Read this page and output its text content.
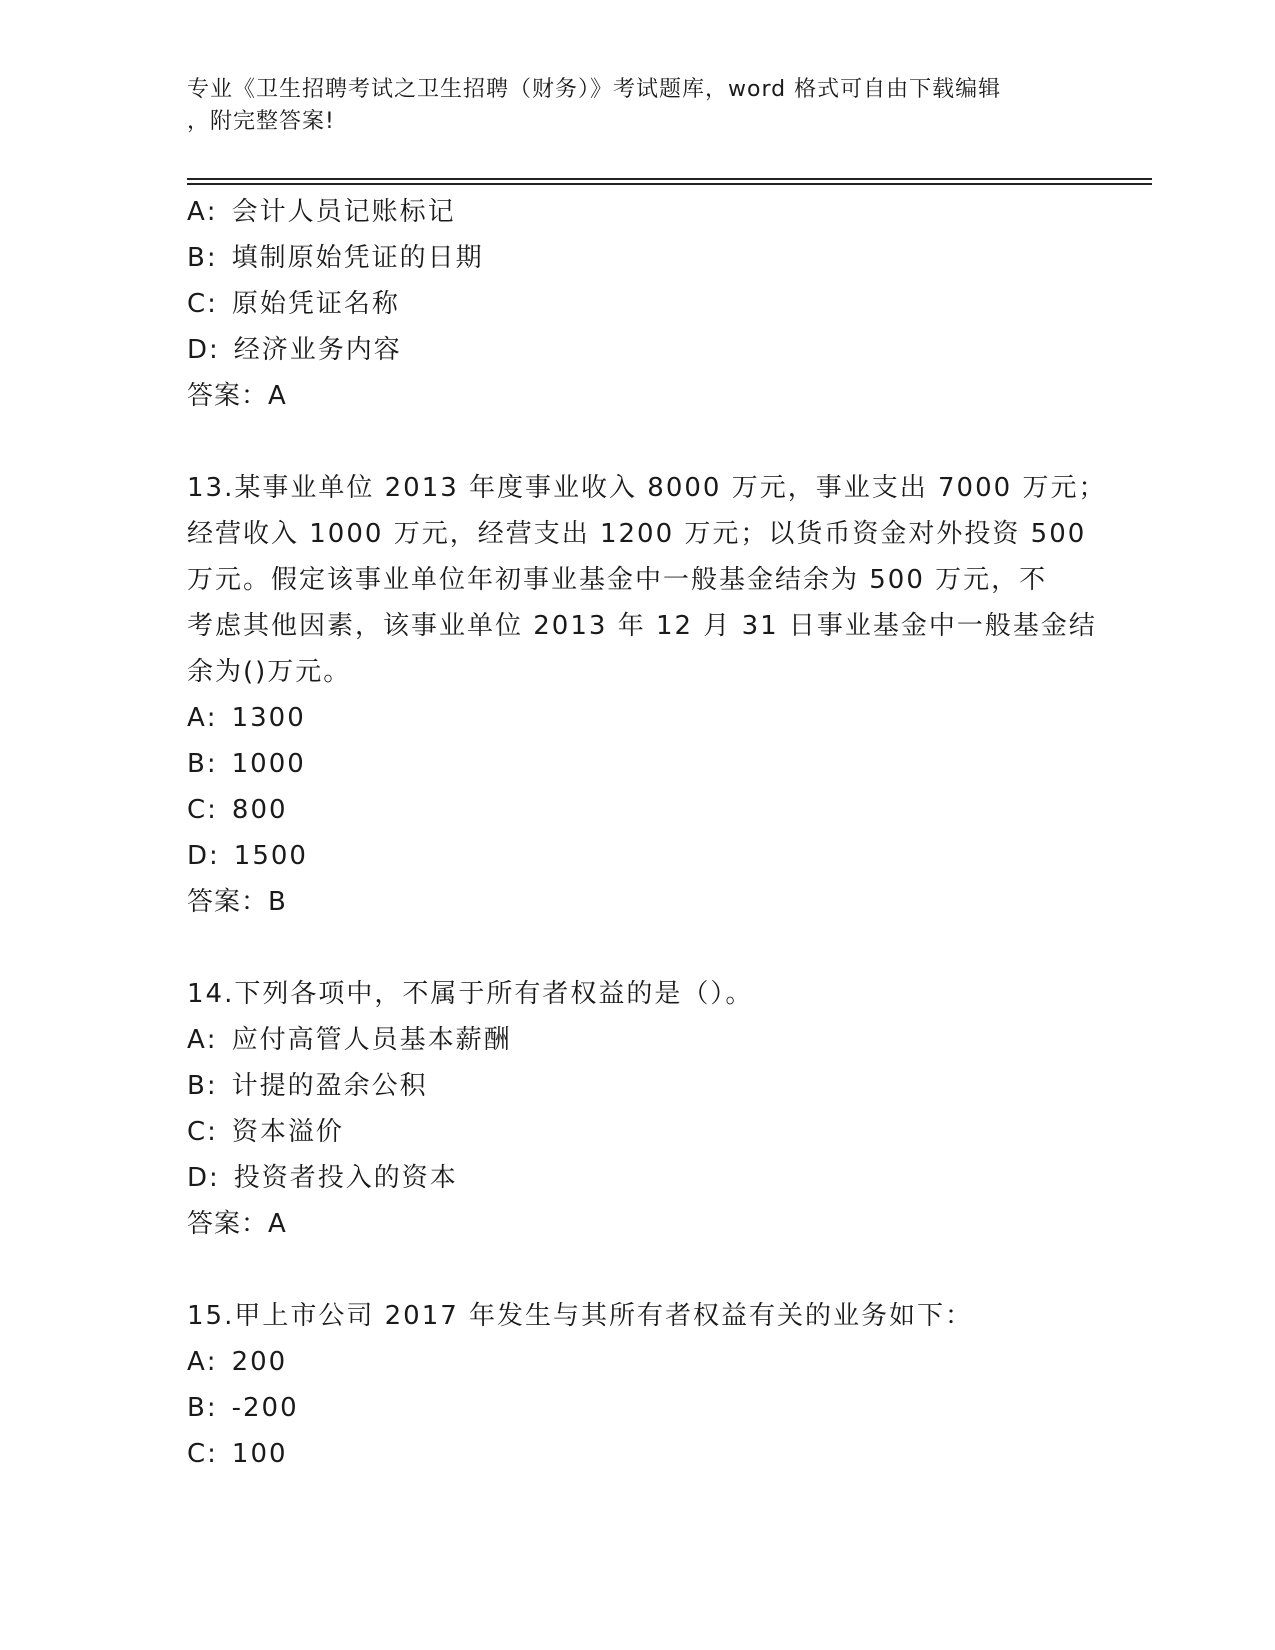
专业《卫生招聘考试之卫生招聘（财务）》考试题库，word 格式可自由下载编辑
，附完整答案!
A: 会计人员记账标记
B: 填制原始凭证的日期
C: 原始凭证名称
D: 经济业务内容
答案：A
13.某事业单位 2013 年度事业收入 8000 万元，事业支出 7000 万元；
经营收入 1000 万元，经营支出 1200 万元；以货币资金对外投资 500
万元。假定该事业单位年初事业基金中一般基金结余为 500 万元，不
考虑其他因素，该事业单位 2013 年 12 月 31 日事业基金中一般基金结
余为()万元。
A: 1300
B: 1000
C: 800
D: 1500
答案：B
14.下列各项中，不属于所有者权益的是（）。
A: 应付高管人员基本薪酬
B: 计提的盈余公积
C: 资本溢价
D: 投资者投入的资本
答案：A
15.甲上市公司 2017 年发生与其所有者权益有关的业务如下：
A: 200
B: -200
C: 100
